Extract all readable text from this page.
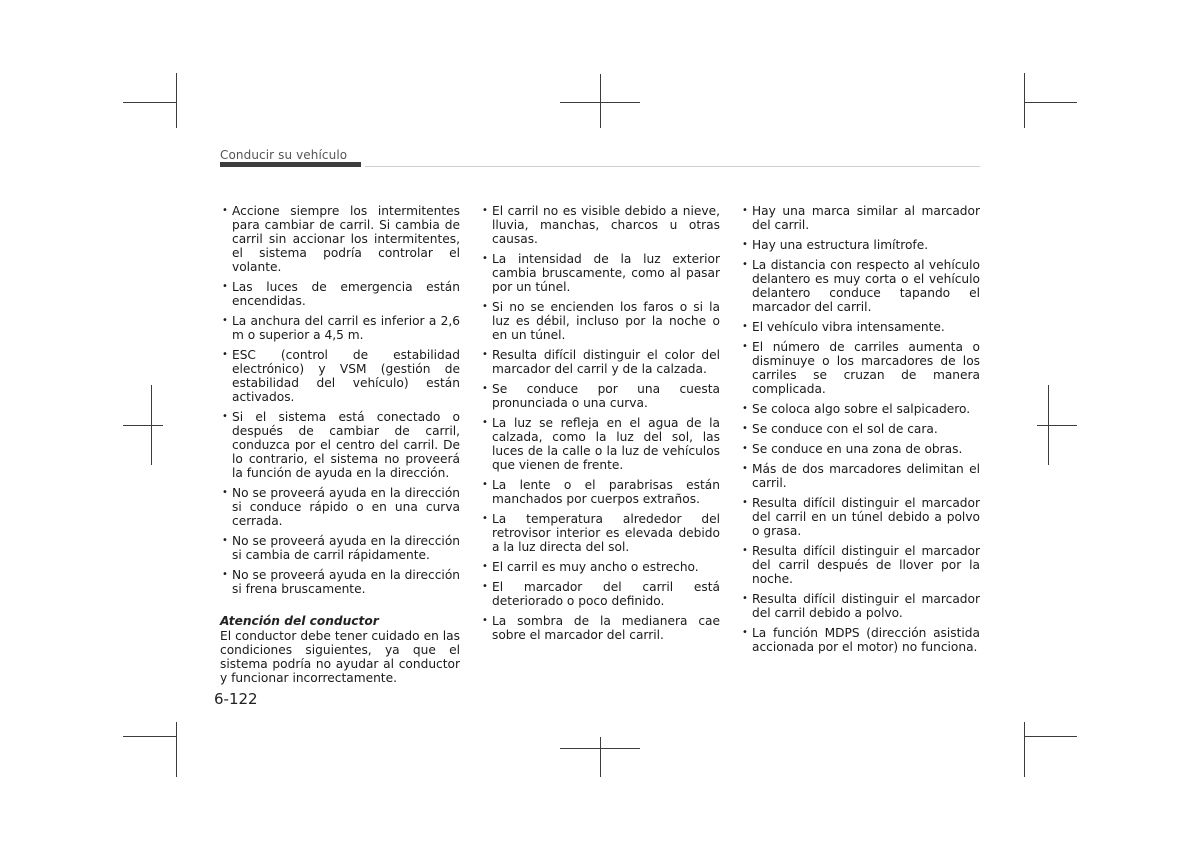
Conducir su vehículo
• Accione siempre los intermitentes para cambiar de carril. Si cambia de carril sin accionar los intermitentes, el sistema podría controlar el volante.
• Las luces de emergencia están encendidas.
• La anchura del carril es inferior a 2,6 m o superior a 4,5 m.
• ESC (control de estabilidad electrónico) y VSM (gestión de estabilidad del vehículo) están activados.
• Si el sistema está conectado o después de cambiar de carril, conduzca por el centro del carril. De lo contrario, el sistema no proveerá la función de ayuda en la dirección.
• No se proveerá ayuda en la dirección si conduce rápido o en una curva cerrada.
• No se proveerá ayuda en la dirección si cambia de carril rápidamente.
• No se proveerá ayuda en la dirección si frena bruscamente.
Atención del conductor

El conductor debe tener cuidado en las condiciones siguientes, ya que el sistema podría no ayudar al conductor y funcionar incorrectamente.

• El carril no es visible debido a nieve, lluvia, manchas, charcos u otras causas.
• La intensidad de la luz exterior cambia bruscamente, como al pasar por un túnel.
• Si no se encienden los faros o si la luz es débil, incluso por la noche o en un túnel.
• Resulta difícil distinguir el color del marcador del carril y de la calzada.
• Se conduce por una cuesta pronunciada o una curva.
• La luz se refleja en el agua de la calzada, como la luz del sol, las luces de la calle o la luz de vehículos que vienen de frente.
• La lente o el parabrisas están manchados por cuerpos extraños.
• La temperatura alrededor del retrovisor interior es elevada debido a la luz directa del sol.
• El carril es muy ancho o estrecho.
• El marcador del carril está deteriorado o poco definido.
• La sombra de la medianera cae sobre el marcador del carril.
• Hay una marca similar al marcador del carril.
• Hay una estructura limítrofe.
• La distancia con respecto al vehículo delantero es muy corta o el vehículo delantero conduce tapando el marcador del carril.
• El vehículo vibra intensamente.
• El número de carriles aumenta o disminuye o los marcadores de los carriles se cruzan de manera complicada.
• Se coloca algo sobre el salpicadero.
• Se conduce con el sol de cara.
• Se conduce en una zona de obras.
• Más de dos marcadores delimitan el carril.
• Resulta difícil distinguir el marcador del carril en un túnel debido a polvo o grasa.
• Resulta difícil distinguir el marcador del carril después de llover por la noche.
• Resulta difícil distinguir el marcador del carril debido a polvo.
• La función MDPS (dirección asistida accionada por el motor) no funciona.
6-122
